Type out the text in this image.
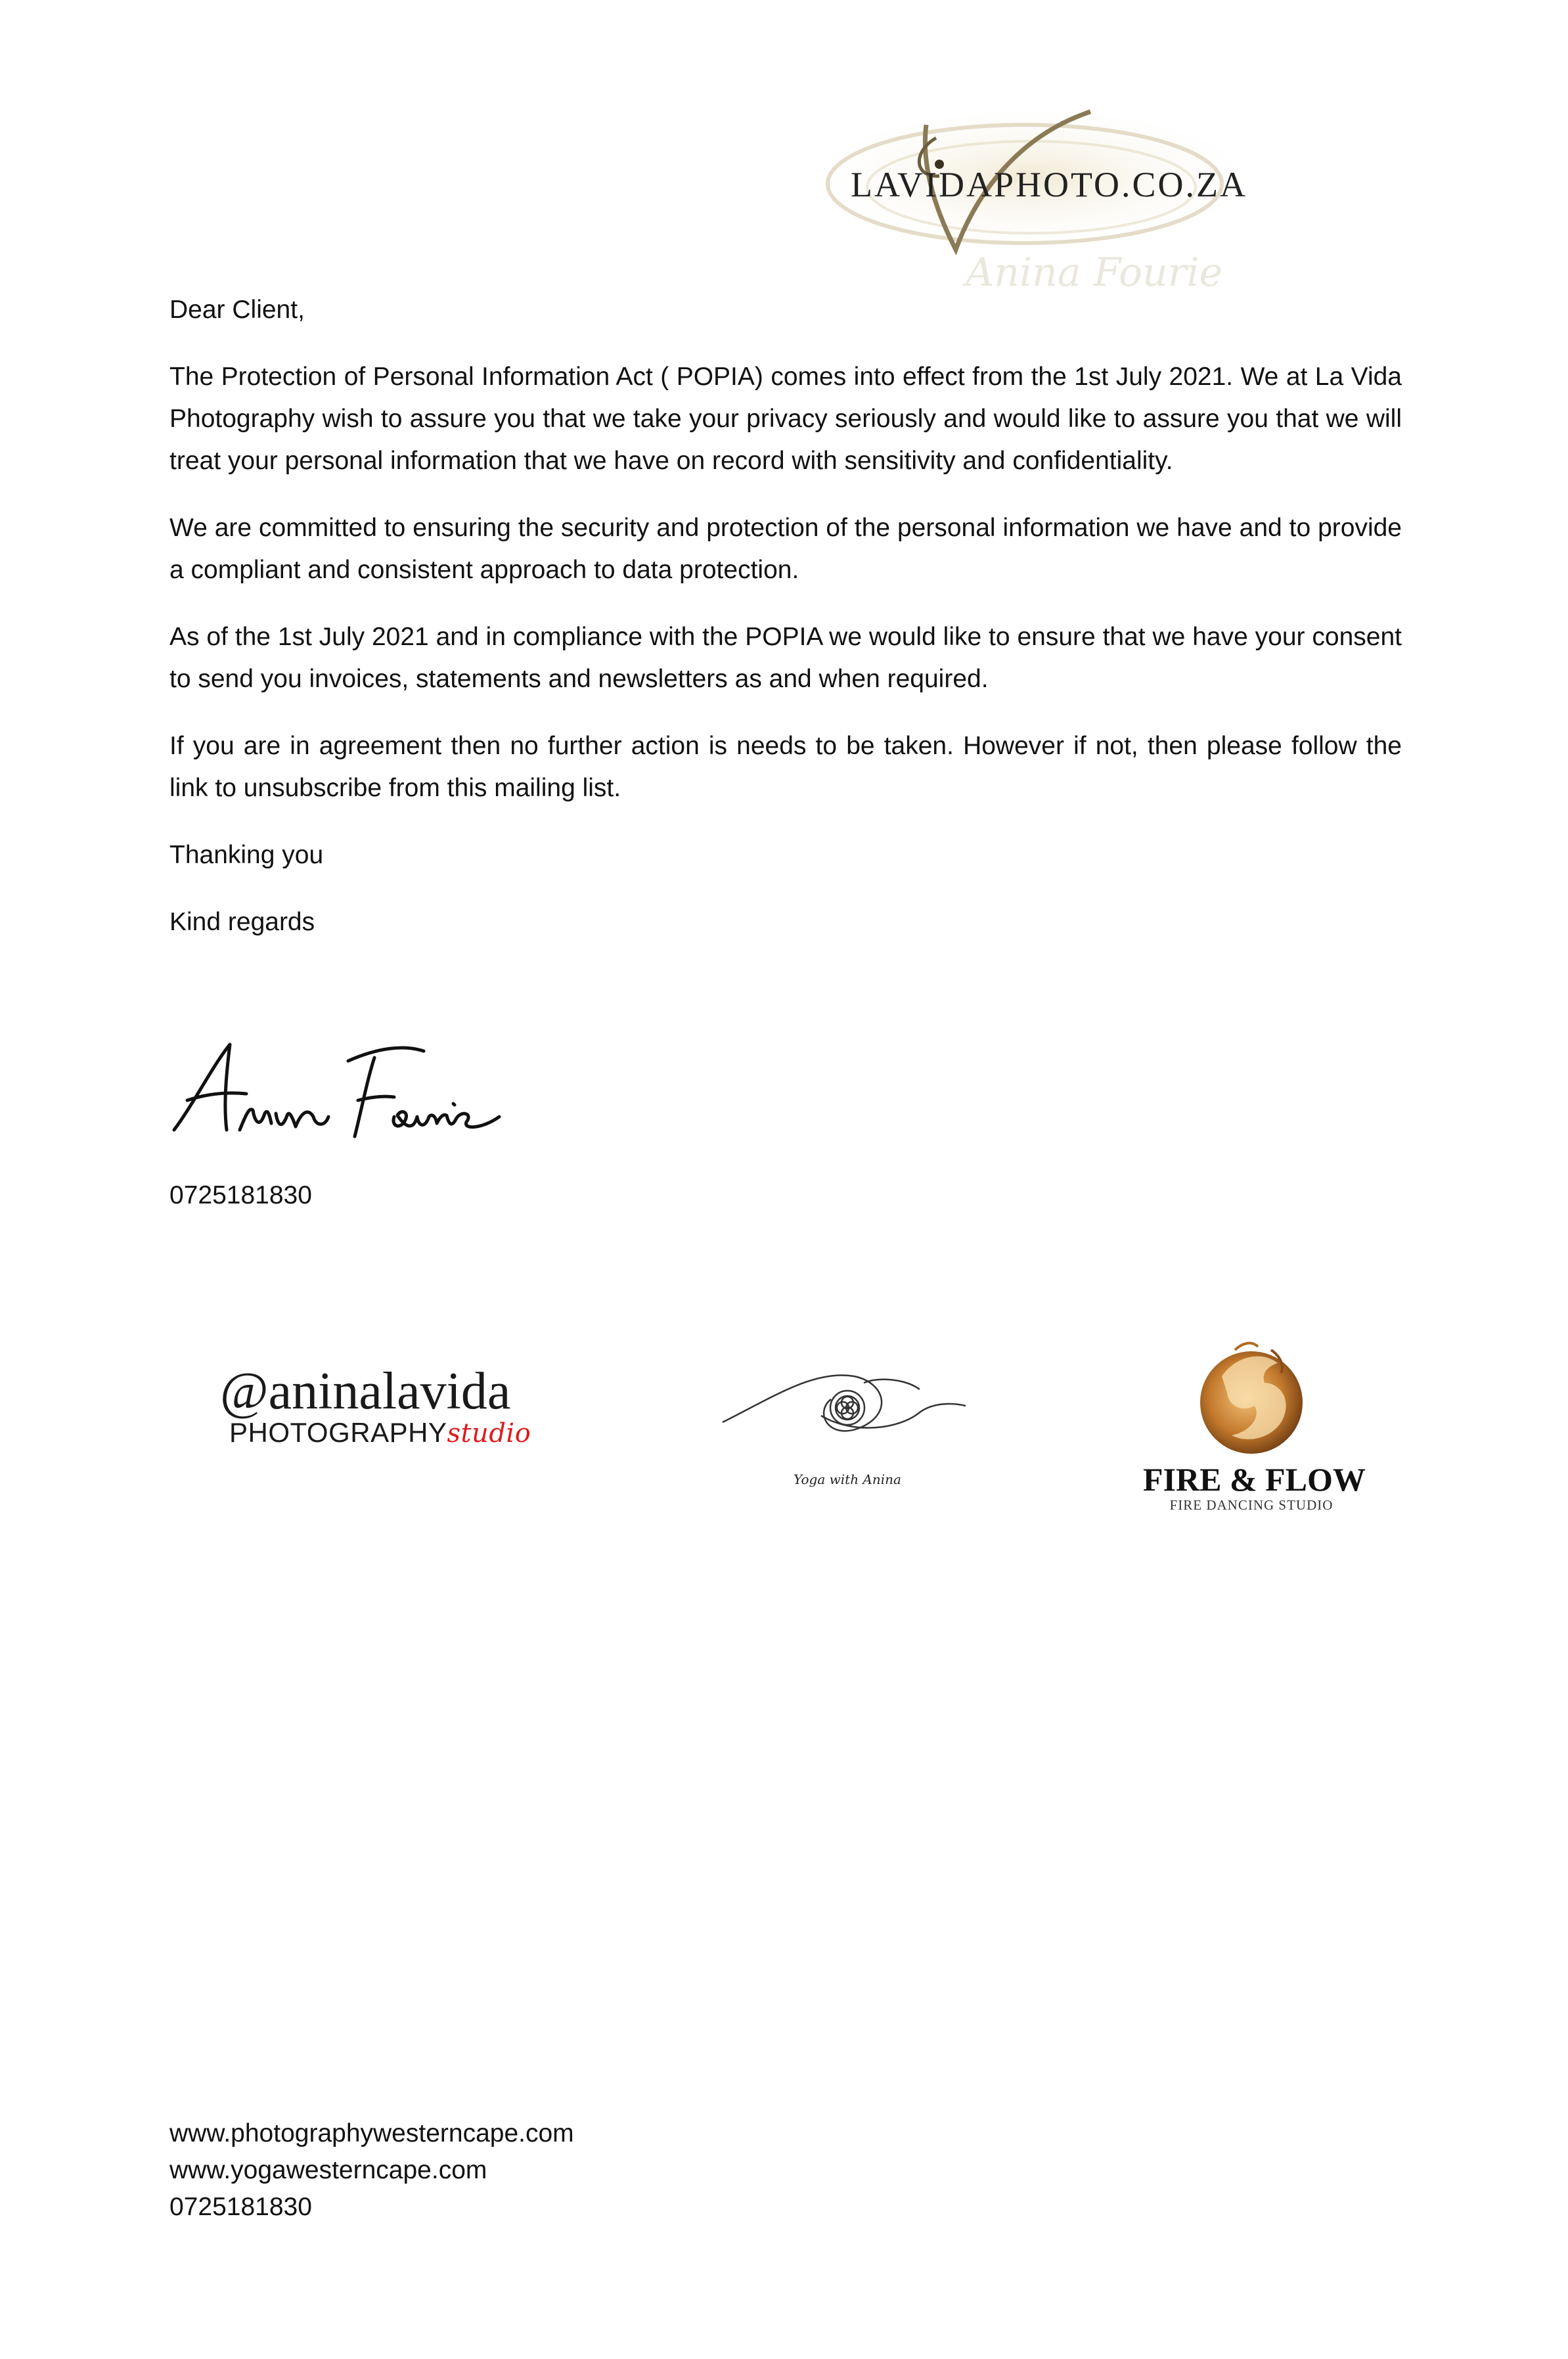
Anina Fourie
LAVIDAPHOTO.CO.ZA

Dear Client,

The Protection of Personal Information Act ( POPIA) comes into effect from the 1st July 2021. We at La Vida Photography wish to assure you that we take your privacy seriously and would like to assure you that we will treat your personal information that we have on record with sensitivity and confidentiality.

We are committed to ensuring the security and protection of the personal information we have and to provide a compliant and consistent approach to data protection.

As of the 1st July 2021 and in compliance with the POPIA we would like to ensure that we have your consent to send you invoices, statements and newsletters as and when required.

If you are in agreement then no further action is needs to be taken. However if not, then please follow the link to unsubscribe from this mailing list.

Thanking you

Kind regards

0725181830
@aninalavida
PHOTOGRAPHYstudio
Yoga with Anina	FIRE & FLOW
FIRE DANCING STUDIO
www.photographywesterncape.com
www.yogawesterncape.com
0725181830
